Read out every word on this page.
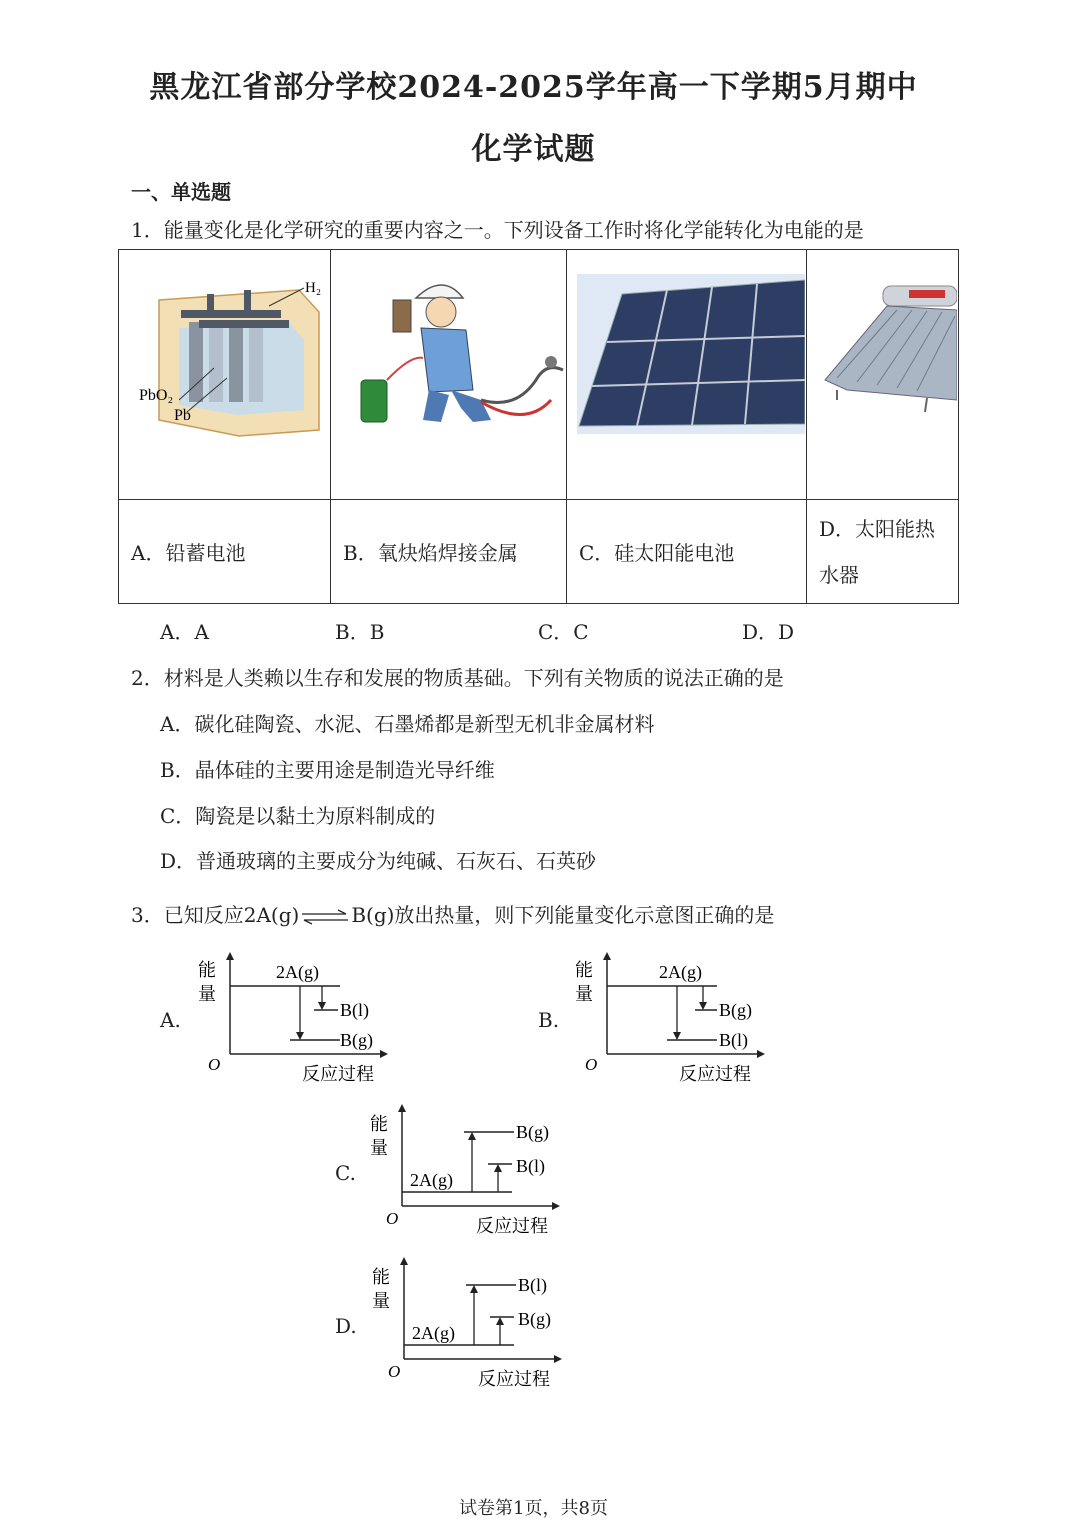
黑龙江省部分学校2024-2025学年高一下学期5月期中
化学试题
一、单选题
1．能量变化是化学研究的重要内容之一。下列设备工作时将化学能转化为电能的是
H₂
PbO₂
Pb

A．铅蓄电池	B．氧炔焰焊接金属	C．硅太阳能电池	D．太阳能热水器
A．A	B．B	C．C	D．D
2．材料是人类赖以生存和发展的物质基础。下列有关物质的说法正确的是
A．碳化硅陶瓷、水泥、石墨烯都是新型无机非金属材料
B．晶体硅的主要用途是制造光导纤维
C．陶瓷是以黏土为原料制成的
D．普通玻璃的主要成分为纯碱、石灰石、石英砂
3．已知反应2A(g)⇌B(g)放出热量，则下列能量变化示意图正确的是
A.
能
量
O	反应过程
2A(g)
B(l)
B(g)
B.
能
量
O	反应过程
2A(g)
B(g)
B(l)
C.
能
量
O	反应过程
2A(g)
B(g)
B(l)
D.
能
量
O	反应过程
2A(g)
B(l)
B(g)
试卷第1页，共8页
